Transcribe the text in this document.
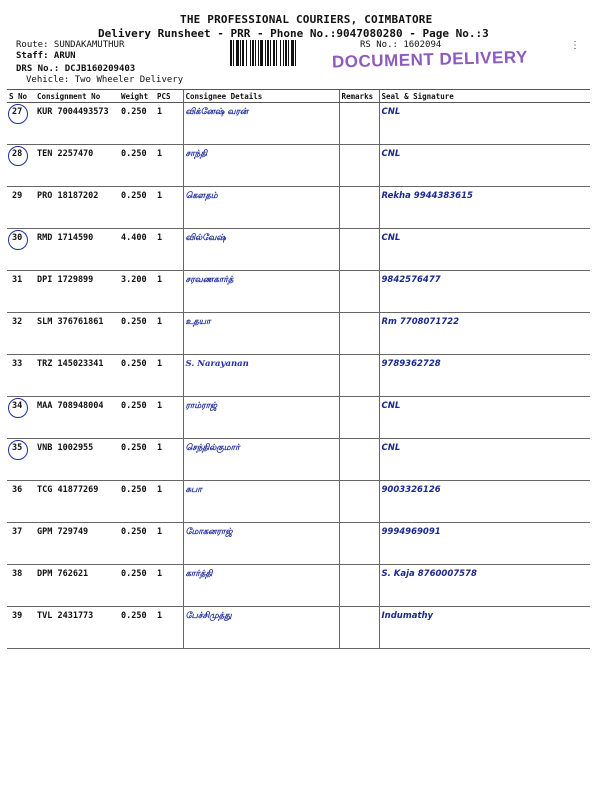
THE PROFESSIONAL COURIERS, COIMBATORE
Delivery Runsheet - PRR - Phone No.:9047080280 - Page No.:3
Route: SUNDAKAMUTHUR
Staff: ARUN
DRS No.: DCJB160209403
Vehicle: Two Wheeler Delivery
RS No.: 1602094
DOCUMENT DELIVERY
⋮
S No	Consignment No	Weight	PCS	Consignee Details	Remarks	Seal & Signature

27	KUR 7004493573	0.250	1	விக்னேஷ் வரன்		CNL

28	TEN 2257470	0.250	1	சாந்தி		CNL
29	PRO 18187202	0.250	1	கௌதம்		Rekha 9944383615

30	RMD 1714590	4.400	1	வில்வேஷ்		CNL
31	DPI 1729899	3.200	1	சரவணகார்த்		9842576477
32	SLM 376761861	0.250	1	உதயா		Rm 7708071722
33	TRZ 145023341	0.250	1	S. Narayanan		9789362728

34	MAA 708948004	0.250	1	ராம்ராஜ்		CNL

35	VNB 1002955	0.250	1	செந்தில்குமார்		CNL
36	TCG 41877269	0.250	1	சுபா		9003326126
37	GPM 729749	0.250	1	மோகனராஜ்		9994969091
38	DPM 762621	0.250	1	கார்த்தி		S. Kaja 8760007578
39	TVL 2431773	0.250	1	பேச்சிமுத்து		Indumathy
